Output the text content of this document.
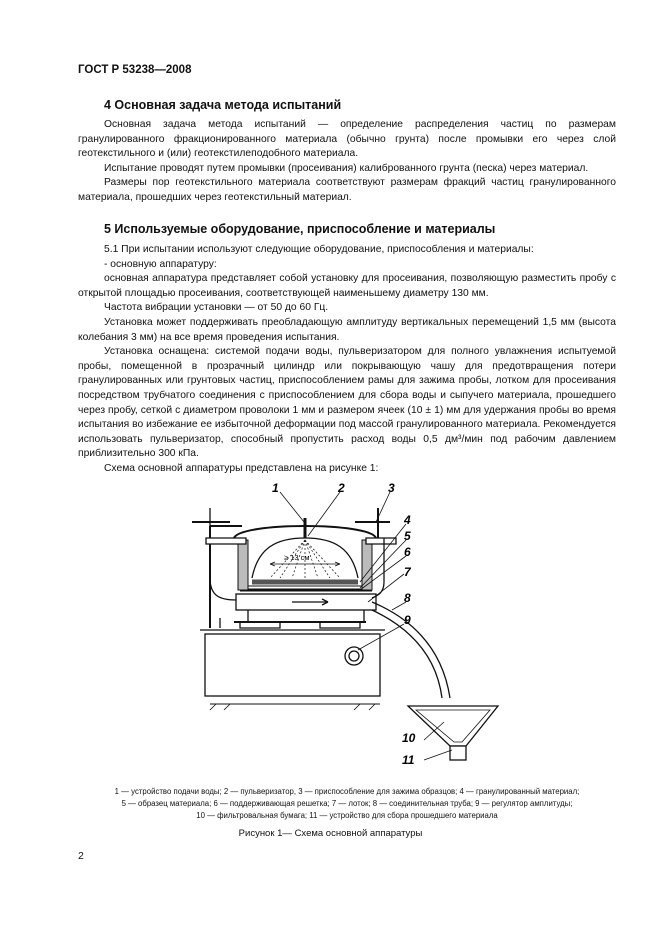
ГОСТ Р 53238—2008
4 Основная задача метода испытаний

Основная задача метода испытаний — определение распределения частиц по размерам гранулированного фракционированного материала (обычно грунта) после промывки его через слой геотекстильного и (или) геотекстилеподобного материала.

Испытание проводят путем промывки (просеивания) калиброванного грунта (песка) через материал.

Размеры пор геотекстильного материала соответствуют размерам фракций частиц гранулированного материала, прошедших через геотекстильный материал.

5 Используемые оборудование, приспособление и материалы

5.1 При испытании используют следующие оборудование, приспособления и материалы:

- основную аппаратуру:

основная аппаратура представляет собой установку для просеивания, позволяющую разместить пробу с открытой площадью просеивания, соответствующей наименьшему диаметру 130 мм.

Частота вибрации установки — от 50 до 60 Гц.

Установка может поддерживать преобладающую амплитуду вертикальных перемещений 1,5 мм (высота колебания 3 мм) на все время проведения испытания.

Установка оснащена: системой подачи воды, пульверизатором для полного увлажнения испытуемой пробы, помещенной в прозрачный цилиндр или покрывающую чашу для предотвращения потери гранулированных или грунтовых частиц, приспособлением рамы для зажима пробы, лотком для просеивания посредством трубчатого соединения с приспособлением для сбора воды и сыпучего материала, прошедшего через пробу, сеткой с диаметром проволоки 1 мм и размером ячеек (10 ± 1) мм для удержания пробы во время испытания во избежание ее избыточной деформации под массой гранулированного материала. Рекомендуется использовать пульверизатор, способный пропустить расход воды 0,5 дм³/мин под рабочим давлением приблизительно 300 кПа.

Схема основной аппаратуры представлена на рисунке 1:

1	2	3
4
5
6
7
8
9
10
11
≥ 13 см
1 — устройство подачи воды; 2 — пульверизатор, 3 — приспособление для зажима образцов; 4 — гранулированный материал;
5 — образец материала; 6 — поддерживающая решетка; 7 — лоток; 8 — соединительная труба; 9 — регулятор амплитуды;
10 — фильтровальная бумага; 11 — устройство для сбора прошедшего материала
Рисунок 1— Схема основной аппаратуры
2
